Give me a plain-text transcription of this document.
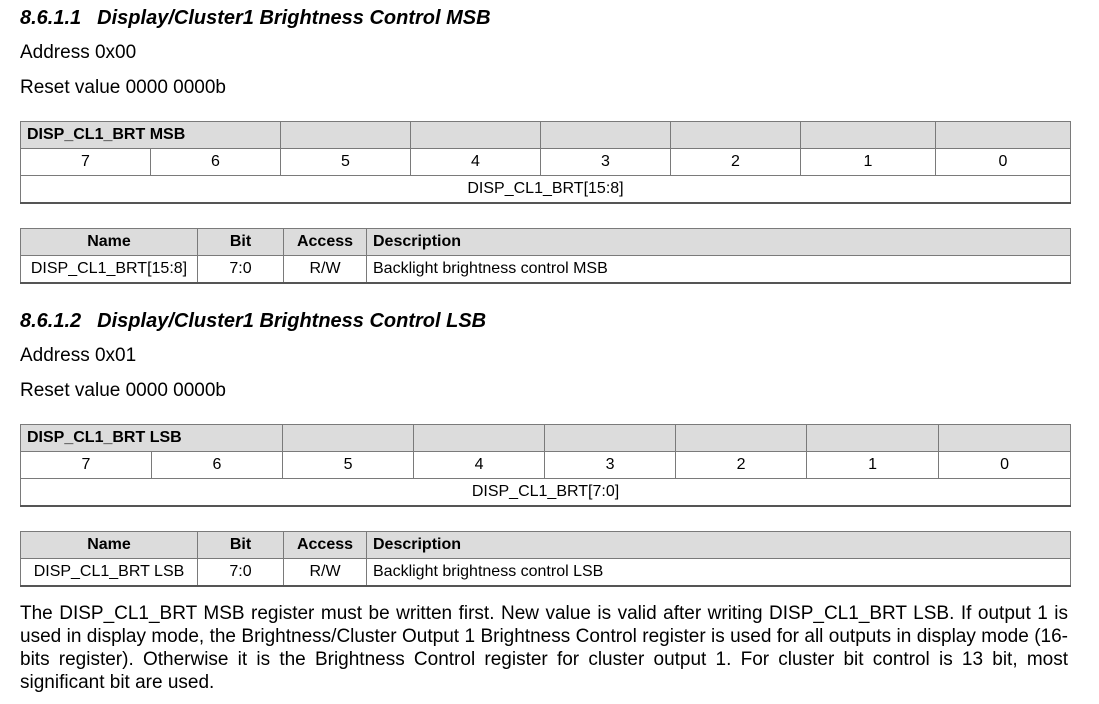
8.6.1.1 Display/Cluster1 Brightness Control MSB
Address 0x00
Reset value 0000 0000b
DISP_CL1_BRT MSB							
7	6	5	4	3	2	1	0
DISP_CL1_BRT[15:8]							
Name	Bit	Access	Description
DISP_CL1_BRT[15:8]	7:0	R/W	Backlight brightness control MSB
8.6.1.2 Display/Cluster1 Brightness Control LSB
Address 0x01
Reset value 0000 0000b
DISP_CL1_BRT LSB							
7	6	5	4	3	2	1	0
DISP_CL1_BRT[7:0]							
Name	Bit	Access	Description
DISP_CL1_BRT LSB	7:0	R/W	Backlight brightness control LSB
The DISP_CL1_BRT MSB register must be written first. New value is valid after writing DISP_CL1_BRT LSB. If output 1 is used in display mode, the Brightness/Cluster Output 1 Brightness Control register is used for all outputs in display mode (16-bits register). Otherwise it is the Brightness Control register for cluster output 1. For cluster bit control is 13 bit, most significant bit are used.
